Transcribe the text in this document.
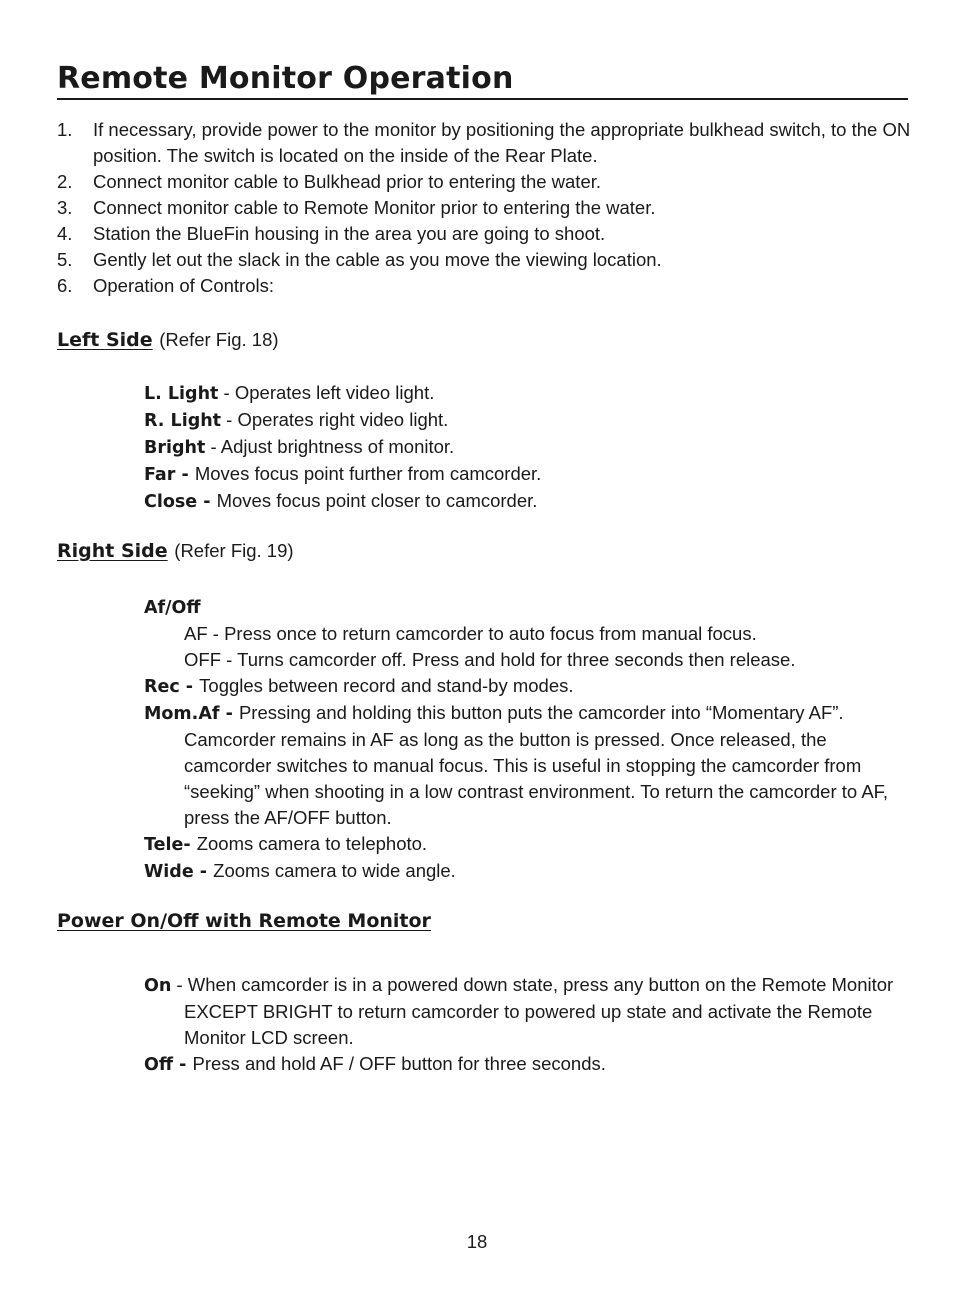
Remote Monitor Operation
1. If necessary, provide power to the monitor by positioning the appropriate bulkhead switch, to the ON position. The switch is located on the inside of the Rear Plate.
2. Connect monitor cable to Bulkhead prior to entering the water.
3. Connect monitor cable to Remote Monitor prior to entering the water.
4. Station the BlueFin housing in the area you are going to shoot.
5. Gently let out the slack in the cable as you move the viewing location.
6. Operation of Controls:
Left Side (Refer Fig. 18)

L. Light - Operates left video light.

R. Light - Operates right video light.

Bright - Adjust brightness of monitor.

Far - Moves focus point further from camcorder.

Close - Moves focus point closer to camcorder.

Right Side (Refer Fig. 19)

Af/Off

AF - Press once to return camcorder to auto focus from manual focus.

OFF - Turns camcorder off. Press and hold for three seconds then release.

Rec - Toggles between record and stand-by modes.

Mom.Af - Pressing and holding this button puts the camcorder into “Momentary AF”. Camcorder remains in AF as long as the button is pressed. Once released, the camcorder switches to manual focus. This is useful in stopping the camcorder from “seeking” when shooting in a low contrast environment. To return the camcorder to AF, press the AF/OFF button.

Tele- Zooms camera to telephoto.

Wide - Zooms camera to wide angle.

Power On/Off with Remote Monitor

On - When camcorder is in a powered down state, press any button on the Remote Monitor EXCEPT BRIGHT to return camcorder to powered up state and activate the Remote Monitor LCD screen.

Off - Press and hold AF / OFF button for three seconds.

18
